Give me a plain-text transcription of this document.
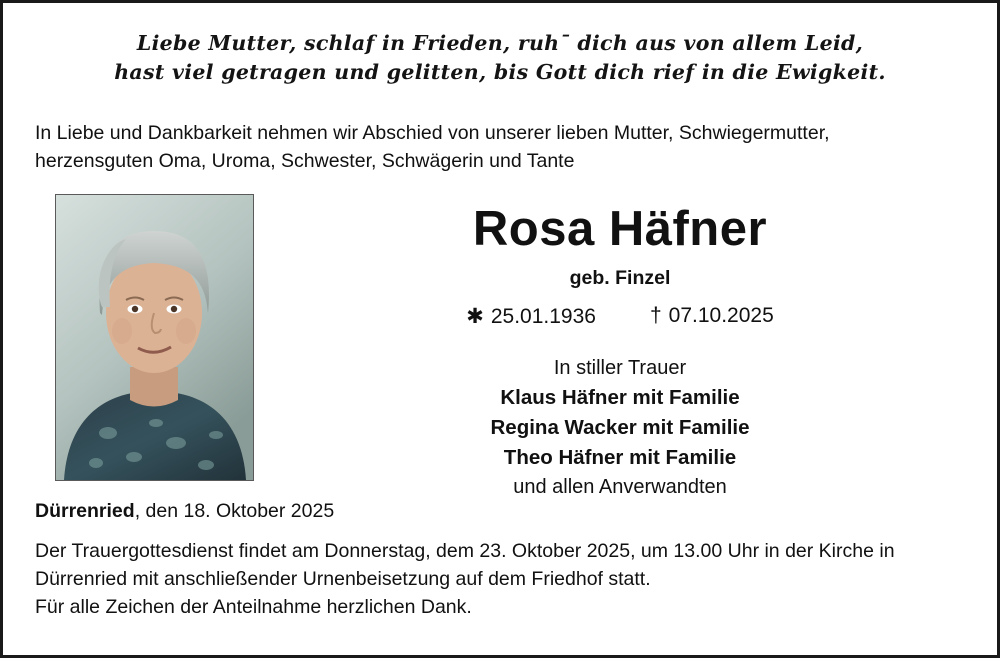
Liebe Mutter, schlaf in Frieden, ruhˉ dich aus von allem Leid,
hast viel getragen und gelitten, bis Gott dich rief in die Ewigkeit.
In Liebe und Dankbarkeit nehmen wir Abschied von unserer lieben Mutter, Schwiegermutter,
herzensguten Oma, Uroma, Schwester, Schwägerin und Tante
Rosa Häfner
geb. Finzel
✱ 25.01.1936	† 07.10.2025
In stiller Trauer
Klaus Häfner mit Familie
Regina Wacker mit Familie
Theo Häfner mit Familie
und allen Anverwandten
Dürrenried, den 18. Oktober 2025
Der Trauergottesdienst findet am Donnerstag, dem 23. Oktober 2025, um 13.00 Uhr in der Kirche in
Dürrenried mit anschließender Urnenbeisetzung auf dem Friedhof statt.
Für alle Zeichen der Anteilnahme herzlichen Dank.
